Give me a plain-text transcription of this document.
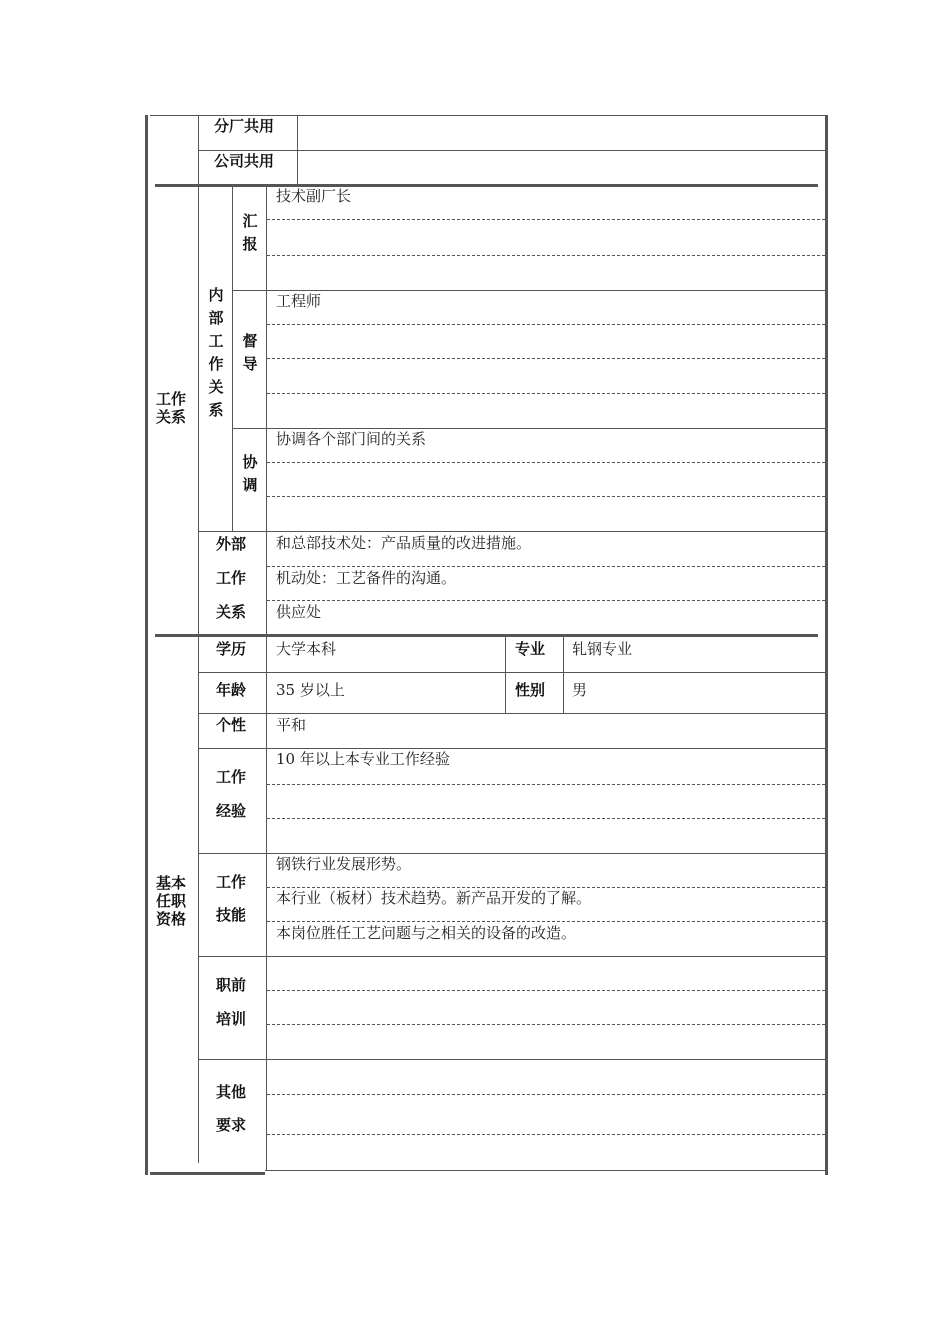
分厂共用
公司共用
工作关系
内部工作关系
汇报
技术副厂长
督导
工程师
协调
协调各个部门间的关系
外部
工作
关系
和总部技术处：产品质量的改进措施。
机动处：工艺备件的沟通。
供应处
基本任职资格
学历 大学本科	专业 轧钢专业
年龄 35 岁以上	性别 男
个性 平和
工作
经验
10 年以上本专业工作经验
工作
技能
钢铁行业发展形势。
本行业（板材）技术趋势。新产品开发的了解。
本岗位胜任工艺问题与之相关的设备的改造。
职前
培训
其他
要求
